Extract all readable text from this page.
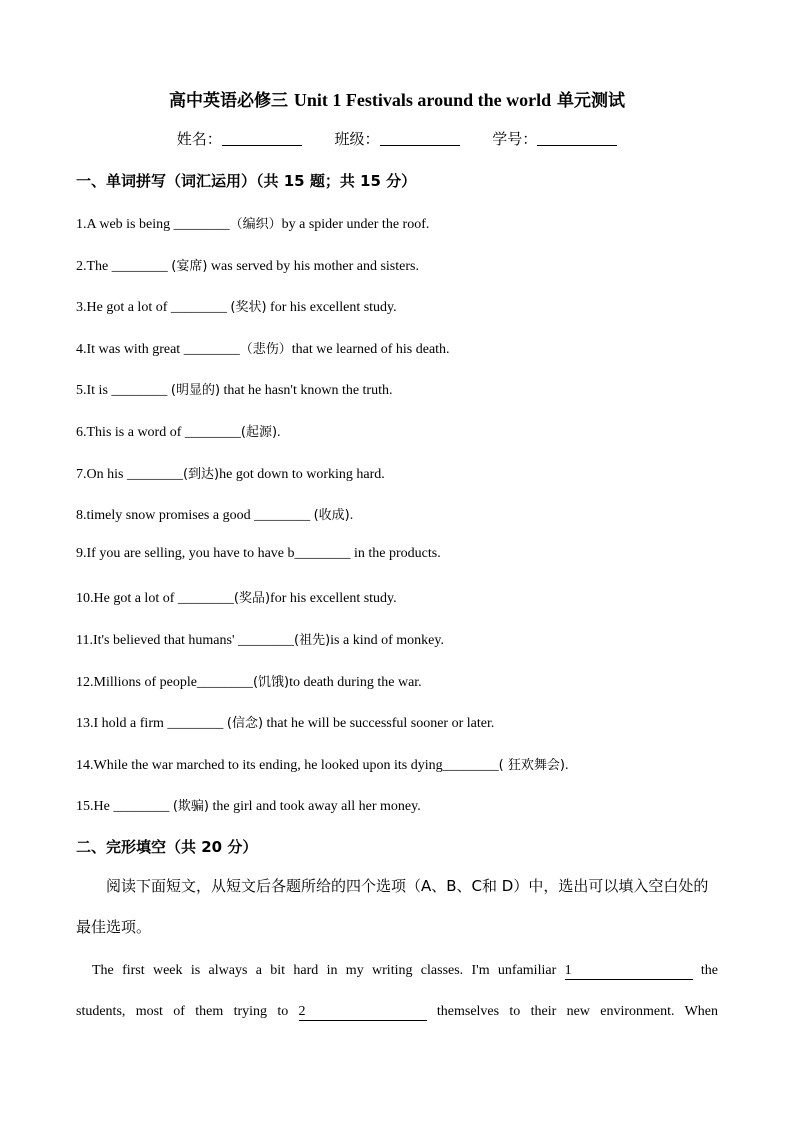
高中英语必修三 Unit 1 Festivals around the world 单元测试
姓名：	班级：	学号：
一、单词拼写（词汇运用）（共 15 题；共 15 分）
1.A web is being ________（编织）by a spider under the roof.
2.The ________ (宴席) was served by his mother and sisters.
3.He got a lot of ________ (奖状) for his excellent study.
4.It was with great ________（悲伤）that we learned of his death.
5.It is ________ (明显的) that he hasn't known the truth.
6.This is a word of ________(起源).
7.On his ________(到达)he got down to working hard.
8.timely snow promises a good ________ (收成).
9.If you are selling, you have to have b________ in the products.
10.He got a lot of ________(奖品)for his excellent study.
11.It's believed that humans' ________(祖先)is a kind of monkey.
12.Millions of people________(饥饿)to death during the war.
13.I hold a firm ________ (信念) that he will be successful sooner or later.
14.While the war marched to its ending, he looked upon its dying________( 狂欢舞会).
15.He ________ (欺骗) the girl and took away all her money.
二、完形填空（共 20 分）
阅读下面短文，从短文后各题所给的四个选项（A、B、C和 D）中，选出可以填入空白处的最佳选项。
The first week is always a bit hard in my writing classes. I'm unfamiliar 1	the
students, most of them trying to 2	themselves to their new environment. When
